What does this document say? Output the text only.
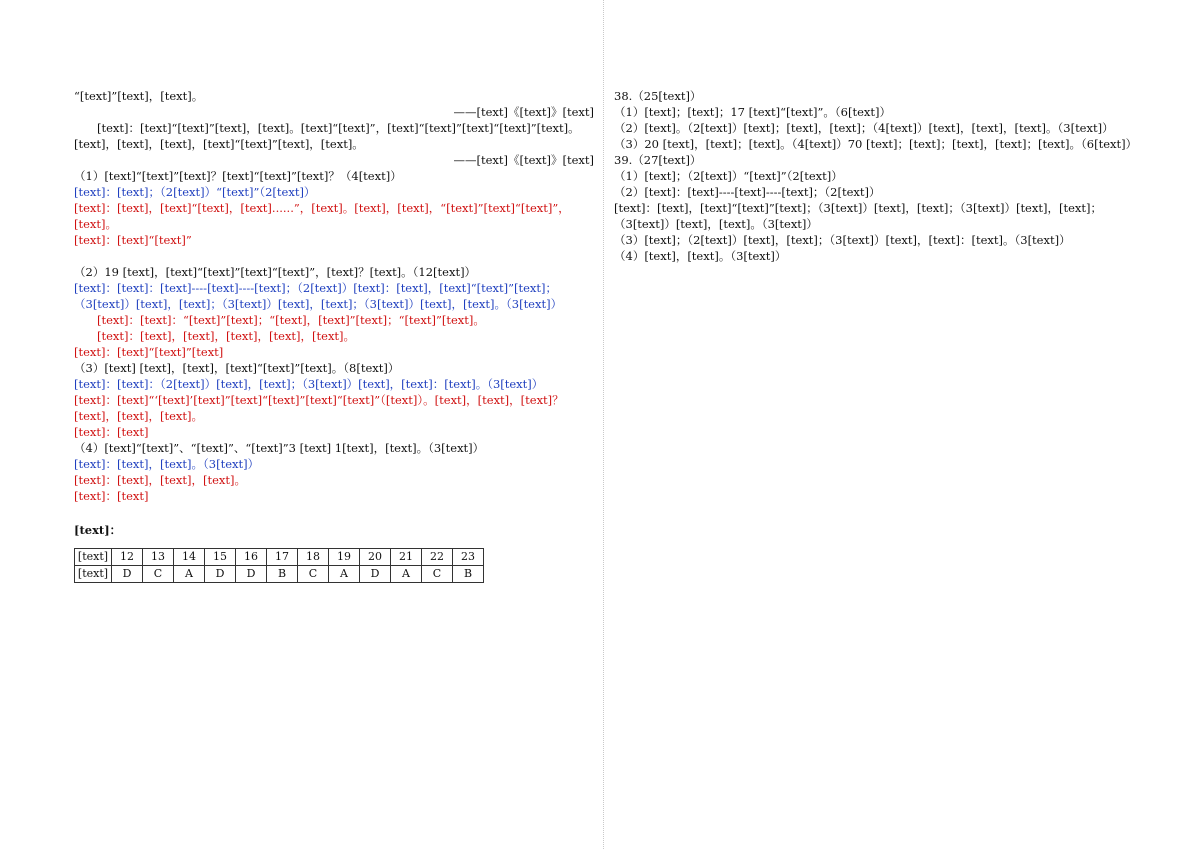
“[text]”[text]，[text]。

——[text]《[text]》[text]

[text]：[text]“[text]”[text]，[text]。[text]“[text]”，[text]“[text]”[text]“[text]”[text]。[text]，[text]，[text]，[text]“[text]”[text]，[text]。

——[text]《[text]》[text]

（1）[text]“[text]”[text]？[text]“[text]”[text]？（4[text]）

[text]：[text]；（2[text]）“[text]”（2[text]）

[text]：[text]，[text]“[text]，[text]......”，[text]。[text]，[text]，“[text]”[text]“[text]”，[text]。

[text]：[text]“[text]”

（2）19 [text]，[text]“[text]”[text]“[text]”，[text]？[text]。（12[text]）

[text]：[text]：[text]----[text]----[text]；（2[text]）[text]：[text]，[text]“[text]”[text]；（3[text]）[text]，[text]；（3[text]）[text]，[text]；（3[text]）[text]，[text]。（3[text]）

[text]：[text]：“[text]”[text]；“[text]，[text]”[text]；“[text]”[text]。

[text]：[text]，[text]，[text]，[text]，[text]。

[text]：[text]“[text]”[text]

（3）[text] [text]，[text]，[text]“[text]”[text]。（8[text]）

[text]：[text]：（2[text]）[text]，[text]；（3[text]）[text]，[text]：[text]。（3[text]）

[text]：[text]“‘[text]’[text]”[text]“[text]”[text]“[text]”（[text]）。[text]，[text]，[text]？[text]，[text]，[text]。

[text]：[text]

（4）[text]“[text]”、“[text]”、“[text]”3 [text] 1[text]，[text]。（3[text]）

[text]：[text]，[text]。（3[text]）

[text]：[text]，[text]，[text]。

[text]：[text]

[text]：

[text]	12	13	14	15	16	17	18	19	20	21	22	23
[text]	D	C	A	D	D	B	C	A	D	A	C	B

38.（25[text]）

（1）[text]；[text]；17 [text]“[text]”。（6[text]）

（2）[text]。（2[text]）[text]；[text]，[text]；（4[text]）[text]，[text]，[text]。（3[text]）

（3）20 [text]，[text]；[text]。（4[text]）70 [text]；[text]；[text]，[text]；[text]。（6[text]）

39.（27[text]）

（1）[text]；（2[text]）“[text]”（2[text]）

（2）[text]：[text]----[text]----[text]；（2[text]）

[text]：[text]，[text]“[text]”[text]；（3[text]）[text]，[text]；（3[text]）[text]，[text]；（3[text]）[text]，[text]。（3[text]）

（3）[text]；（2[text]）[text]，[text]；（3[text]）[text]，[text]：[text]。（3[text]）

（4）[text]，[text]。（3[text]）
